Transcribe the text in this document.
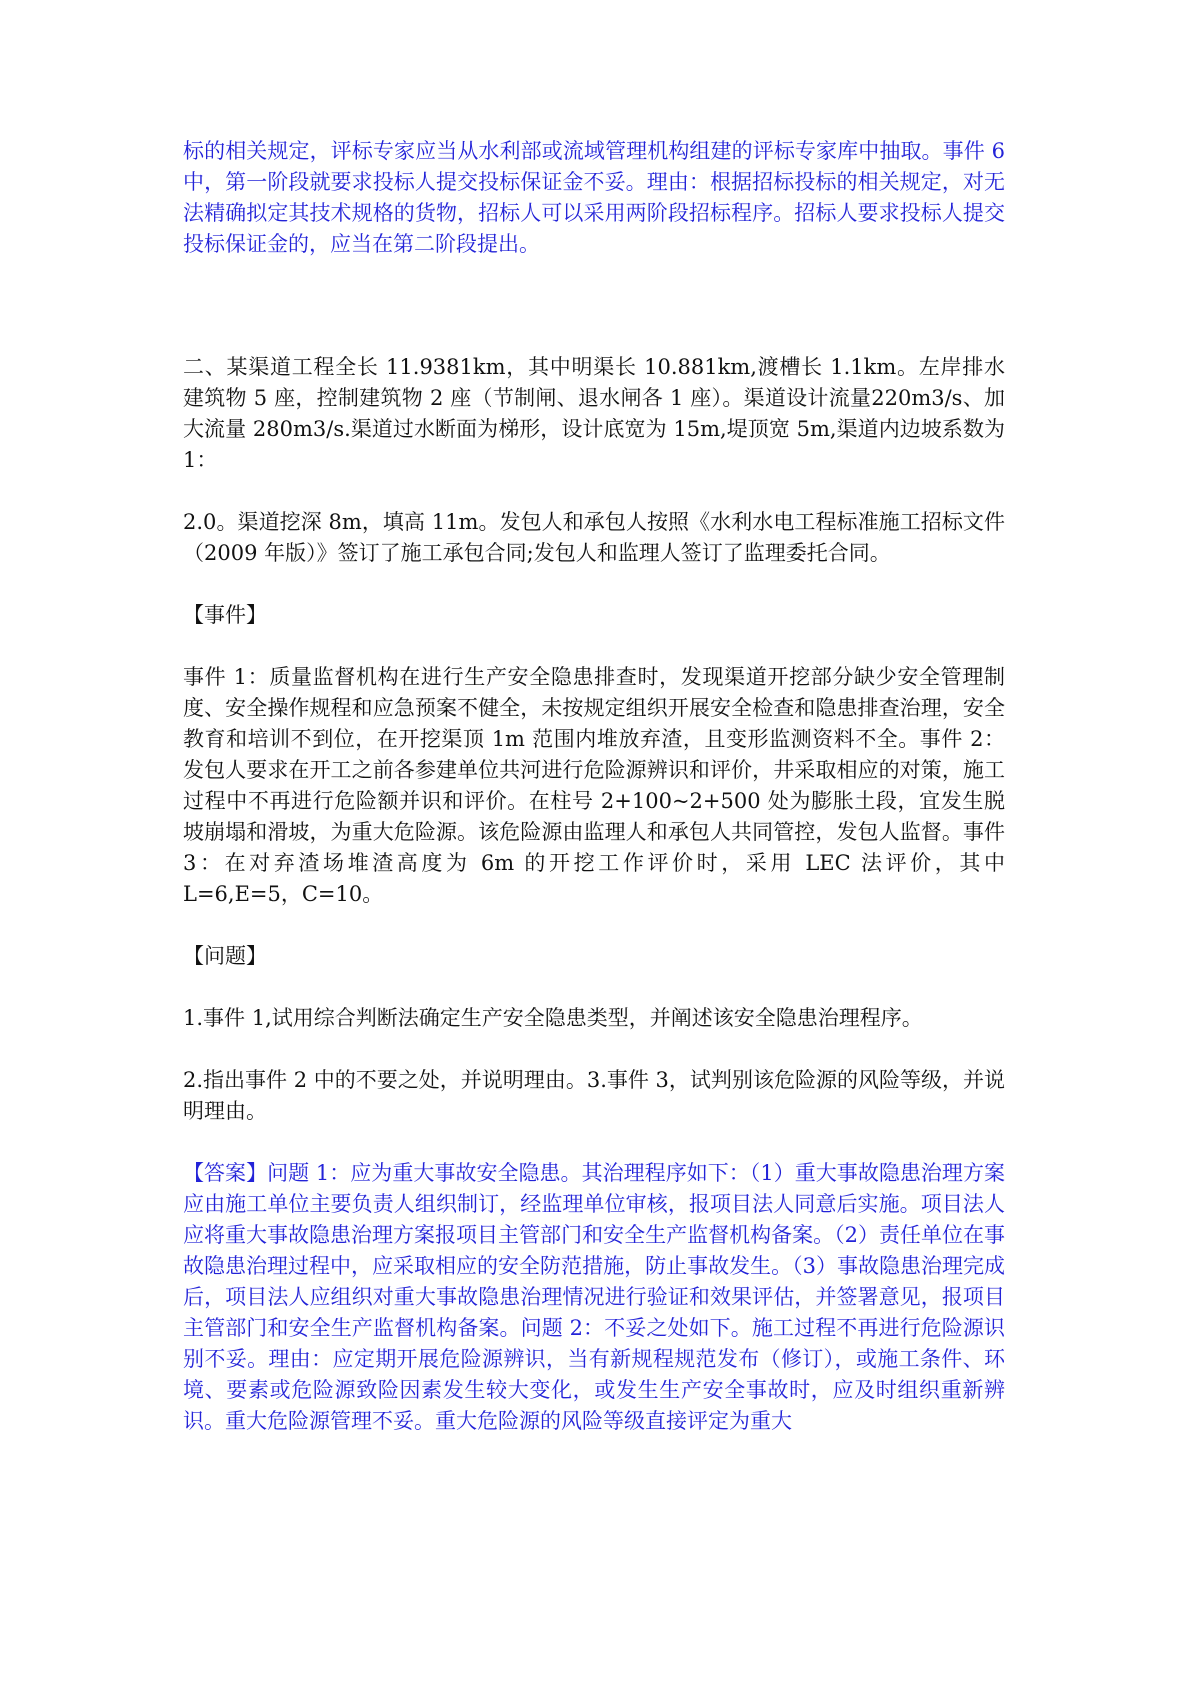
标的相关规定，评标专家应当从水利部或流域管理机构组建的评标专家库中抽取。事件 6 中，第一阶段就要求投标人提交投标保证金不妥。理由：根据招标投标的相关规定，对无法精确拟定其技术规格的货物，招标人可以采用两阶段招标程序。招标人要求投标人提交投标保证金的，应当在第二阶段提出。

二、某渠道工程全长 11.9381km，其中明渠长 10.881km,渡槽长 1.1km。左岸排水建筑物 5 座，控制建筑物 2 座（节制闸、退水闸各 1 座）。渠道设计流量220m3/s、加大流量 280m3/s.渠道过水断面为梯形，设计底宽为 15m,堤顶宽 5m,渠道内边坡系数为 1：

2.0。渠道挖深 8m，填高 11m。发包人和承包人按照《水利水电工程标准施工招标文件（2009 年版）》签订了施工承包合同;发包人和监理人签订了监理委托合同。

【事件】

事件 1：质量监督机构在进行生产安全隐患排查时，发现渠道开挖部分缺少安全管理制度、安全操作规程和应急预案不健全，未按规定组织开展安全检查和隐患排查治理，安全教育和培训不到位，在开挖渠顶 1m 范围内堆放弃渣，且变形监测资料不全。事件 2：发包人要求在开工之前各参建单位共河进行危险源辨识和评价，井采取相应的对策，施工过程中不再进行危险额并识和评价。在柱号 2+100~2+500 处为膨胀土段，宜发生脱坡崩塌和滑坡，为重大危险源。该危险源由监理人和承包人共同管控，发包人监督。事件 3：在对弃渣场堆渣高度为 6m 的开挖工作评价时，采用 LEC 法评价，其中 L=6,E=5，C=10。

【问题】

1.事件 1,试用综合判断法确定生产安全隐患类型，并阐述该安全隐患治理程序。

2.指出事件 2 中的不要之处，并说明理由。3.事件 3，试判别该危险源的风险等级，并说明理由。

【答案】问题 1：应为重大事故安全隐患。其治理程序如下：（1）重大事故隐患治理方案应由施工单位主要负责人组织制订，经监理单位审核，报项目法人同意后实施。项目法人应将重大事故隐患治理方案报项目主管部门和安全生产监督机构备案。（2）责任单位在事故隐患治理过程中，应采取相应的安全防范措施，防止事故发生。（3）事故隐患治理完成后，项目法人应组织对重大事故隐患治理情况进行验证和效果评估，并签署意见，报项目主管部门和安全生产监督机构备案。问题 2：不妥之处如下。施工过程不再进行危险源识别不妥。理由：应定期开展危险源辨识，当有新规程规范发布（修订），或施工条件、环境、要素或危险源致险因素发生较大变化，或发生生产安全事故时，应及时组织重新辨识。重大危险源管理不妥。重大危险源的风险等级直接评定为重大
